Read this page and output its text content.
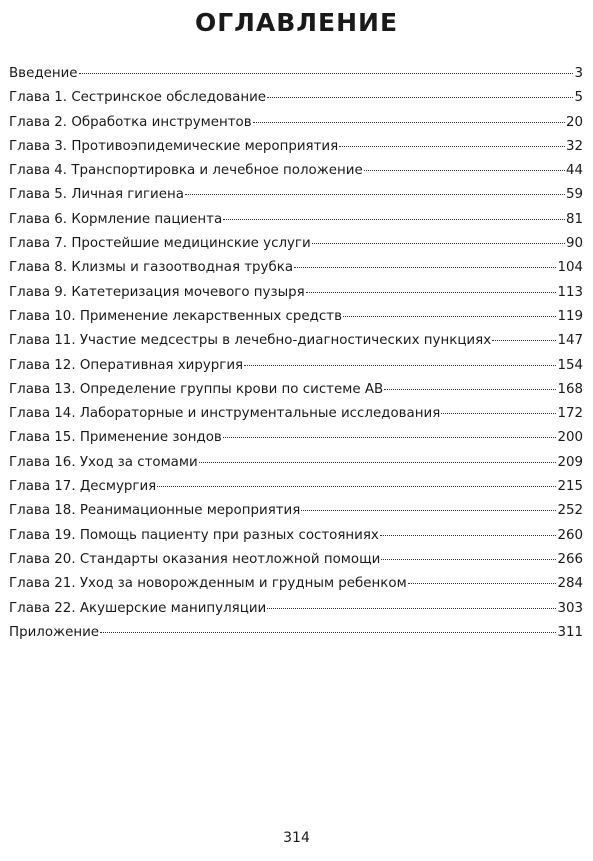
ОГЛАВЛЕНИЕ
Введение	3
Глава 1. Сестринское обследование	5
Глава 2. Обработка инструментов	20
Глава 3. Противоэпидемические мероприятия	32
Глава 4. Транспортировка и лечебное положение	44
Глава 5. Личная гигиена	59
Глава 6. Кормление пациента	81
Глава 7. Простейшие медицинские услуги	90
Глава 8. Клизмы и газоотводная трубка	104
Глава 9. Катетеризация мочевого пузыря	113
Глава 10. Применение лекарственных средств	119
Глава 11. Участие медсестры в лечебно-диагностических пункциях	147
Глава 12. Оперативная хирургия	154
Глава 13. Определение группы крови по системе AB	168
Глава 14. Лабораторные и инструментальные исследования	172
Глава 15. Применение зондов	200
Глава 16. Уход за стомами	209
Глава 17. Десмургия	215
Глава 18. Реанимационные мероприятия	252
Глава 19. Помощь пациенту при разных состояниях	260
Глава 20. Стандарты оказания неотложной помощи	266
Глава 21. Уход за новорожденным и грудным ребенком	284
Глава 22. Акушерские манипуляции	303
Приложение	311
314
